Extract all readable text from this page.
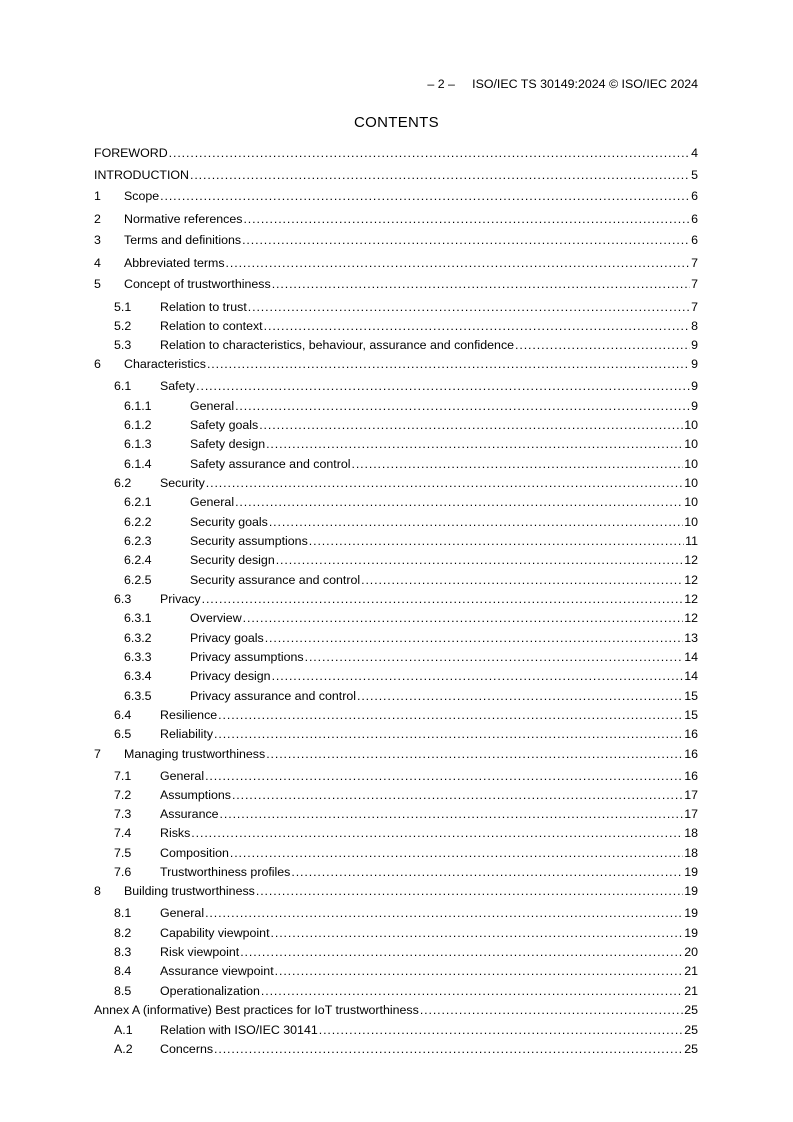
– 2 –     ISO/IEC TS 30149:2024 © ISO/IEC 2024
CONTENTS
FOREWORD .....	4
INTRODUCTION .....	5
1	Scope .....	6
2	Normative references .....	6
3	Terms and definitions .....	6
4	Abbreviated terms .....	7
5	Concept of trustworthiness .....	7
5.1	Relation to trust .....	7
5.2	Relation to context .....	8
5.3	Relation to characteristics, behaviour, assurance and confidence .....	9
6	Characteristics .....	9
6.1	Safety .....	9
6.1.1	General .....	9
6.1.2	Safety goals .....	10
6.1.3	Safety design .....	10
6.1.4	Safety assurance and control .....	10
6.2	Security .....	10
6.2.1	General .....	10
6.2.2	Security goals .....	10
6.2.3	Security assumptions .....	11
6.2.4	Security design .....	12
6.2.5	Security assurance and control .....	12
6.3	Privacy .....	12
6.3.1	Overview .....	12
6.3.2	Privacy goals .....	13
6.3.3	Privacy assumptions .....	14
6.3.4	Privacy design .....	14
6.3.5	Privacy assurance and control .....	15
6.4	Resilience .....	15
6.5	Reliability .....	16
7	Managing trustworthiness .....	16
7.1	General .....	16
7.2	Assumptions .....	17
7.3	Assurance .....	17
7.4	Risks .....	18
7.5	Composition .....	18
7.6	Trustworthiness profiles .....	19
8	Building trustworthiness .....	19
8.1	General .....	19
8.2	Capability viewpoint .....	19
8.3	Risk viewpoint .....	20
8.4	Assurance viewpoint .....	21
8.5	Operationalization .....	21
Annex A (informative) Best practices for IoT trustworthiness .....	25
A.1	Relation with ISO/IEC 30141 .....	25
A.2	Concerns .....	25
